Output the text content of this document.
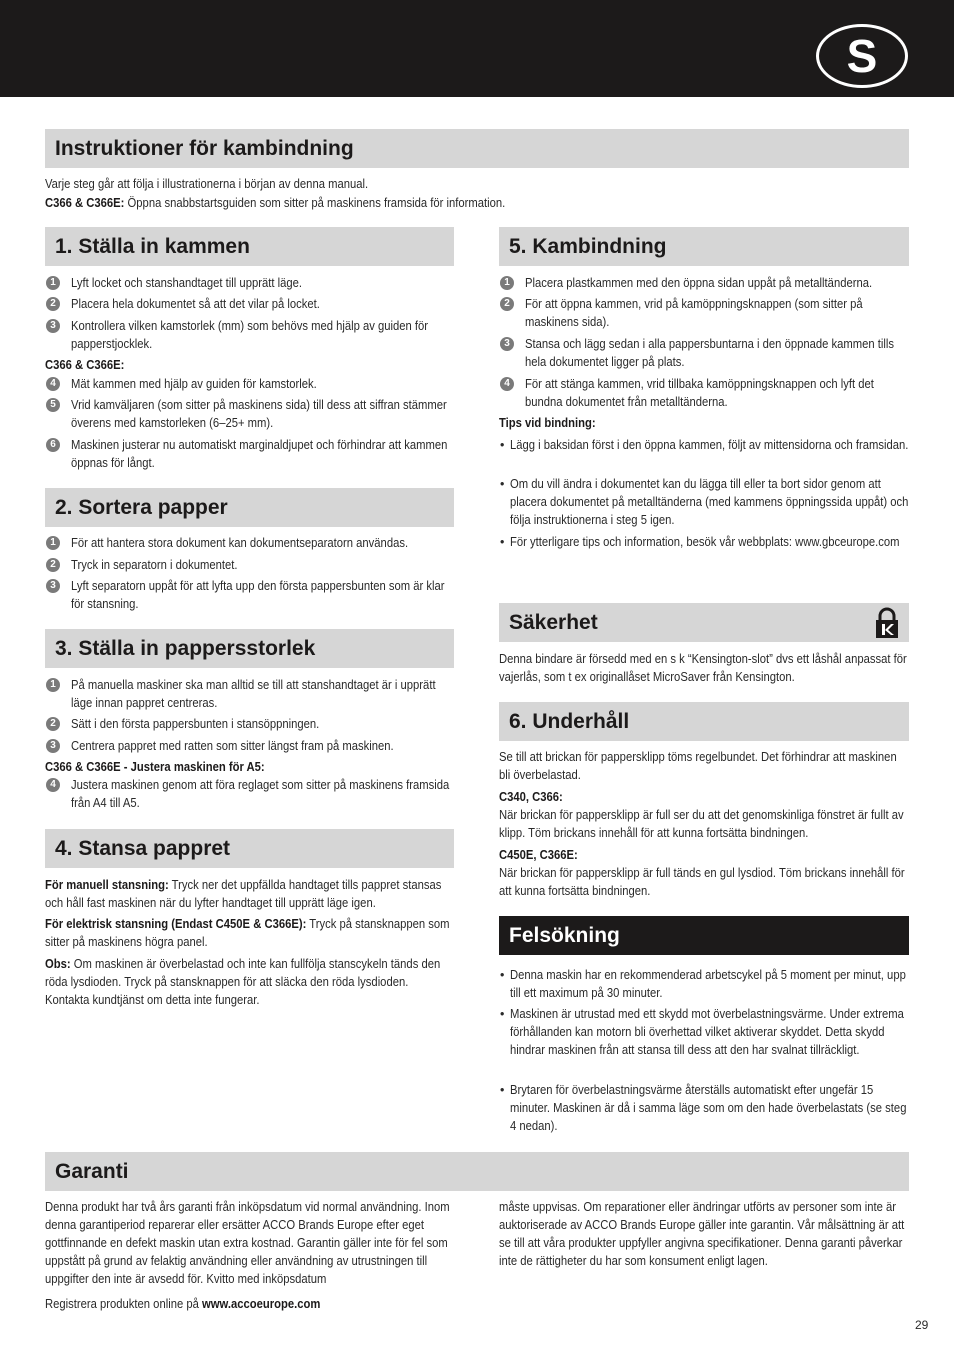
S
Instruktioner för kambindning
Varje steg går att följa i illustrationerna i början av denna manual.
C366 & C366E: Öppna snabbstartsguiden som sitter på maskinens framsida för information.
1. Ställa in kammen
1	Lyft locket och stanshandtaget till upprätt läge.
2	Placera hela dokumentet så att det vilar på locket.
3	Kontrollera vilken kamstorlek (mm) som behövs med hjälp av guiden för papperstjocklek.
C366 & C366E:
4	Mät kammen med hjälp av guiden för kamstorlek.
5	Vrid kamväljaren (som sitter på maskinens sida) till dess att siffran stämmer överens med kamstorleken (6–25+ mm).
6	Maskinen justerar nu automatiskt marginaldjupet och förhindrar att kammen öppnas för långt.
2. Sortera papper
1	För att hantera stora dokument kan dokumentseparatorn användas.
2	Tryck in separatorn i dokumentet.
3	Lyft separatorn uppåt för att lyfta upp den första pappersbunten som är klar för stansning.
3. Ställa in pappersstorlek
1	På manuella maskiner ska man alltid se till att stanshandtaget är i upprätt läge innan pappret centreras.
2	Sätt i den första pappersbunten i stansöppningen.
3	Centrera pappret med ratten som sitter längst fram på maskinen.
C366 & C366E - Justera maskinen för A5:
4	Justera maskinen genom att föra reglaget som sitter på maskinens framsida från A4 till A5.
4. Stansa pappret
För manuell stansning: Tryck ner det uppfällda handtaget tills pappret stansas och håll fast maskinen när du lyfter handtaget till upprätt läge igen.
För elektrisk stansning (Endast C450E & C366E): Tryck på stansknappen som sitter på maskinens högra panel.
Obs: Om maskinen är överbelastad och inte kan fullfölja stanscykeln tänds den röda lysdioden. Tryck på stansknappen för att släcka den röda lysdioden. Kontakta kundtjänst om detta inte fungerar.
5. Kambindning
1	Placera plastkammen med den öppna sidan uppåt på metalltänderna.
2	För att öppna kammen, vrid på kamöppningsknappen (som sitter på maskinens sida).
3	Stansa och lägg sedan i alla pappersbuntarna i den öppnade kammen tills hela dokumentet ligger på plats.
4	För att stänga kammen, vrid tillbaka kamöppningsknappen och lyft det bundna dokumentet från metalltänderna.
Tips vid bindning:
• Lägg i baksidan först i den öppna kammen, följt av mittensidorna och framsidan.
• Om du vill ändra i dokumentet kan du lägga till eller ta bort sidor genom att placera dokumentet på metalltänderna (med kammens öppningssida uppåt) och följa instruktionerna i steg 5 igen.
• För ytterligare tips och information, besök vår webbplats: www.gbceurope.com
Säkerhet
Denna bindare är försedd med en s k “Kensington-slot” dvs ett låshål anpassat för vajerlås, som t ex originallåset MicroSaver från Kensington.
6. Underhåll
Se till att brickan för pappersklipp töms regelbundet. Det förhindrar att maskinen bli överbelastad.
C340, C366:
När brickan för pappersklipp är full ser du att det genomskinliga fönstret är fullt av klipp. Töm brickans innehåll för att kunna fortsätta bindningen.
C450E, C366E:
När brickan för pappersklipp är full tänds en gul lysdiod. Töm brickans innehåll för att kunna fortsätta bindningen.
Felsökning
• Denna maskin har en rekommenderad arbetscykel på 5 moment per minut, upp till ett maximum på 30 minuter.
• Maskinen är utrustad med ett skydd mot överbelastningsvärme. Under extrema förhållanden kan motorn bli överhettad vilket aktiverar skyddet. Detta skydd hindrar maskinen från att stansa till dess att den har svalnat tillräckligt.
• Brytaren för överbelastningsvärme återställs automatiskt efter ungefär 15 minuter. Maskinen är då i samma läge som om den hade överbelastats (se steg 4 nedan).
Garanti
Denna produkt har två års garanti från inköpsdatum vid normal användning. Inom denna garantiperiod reparerar eller ersätter ACCO Brands Europe efter eget gottfinnande en defekt maskin utan extra kostnad. Garantin gäller inte för fel som uppstått på grund av felaktig användning eller användning av utrustningen till uppgifter den inte är avsedd för. Kvitto med inköpsdatum
måste uppvisas. Om reparationer eller ändringar utförts av personer som inte är auktoriserade av ACCO Brands Europe gäller inte garantin. Vår målsättning är att se till att våra produkter uppfyller angivna specifikationer. Denna garanti påverkar inte de rättigheter du har som konsument enligt lagen.
Registrera produkten online på www.accoeurope.com
29
